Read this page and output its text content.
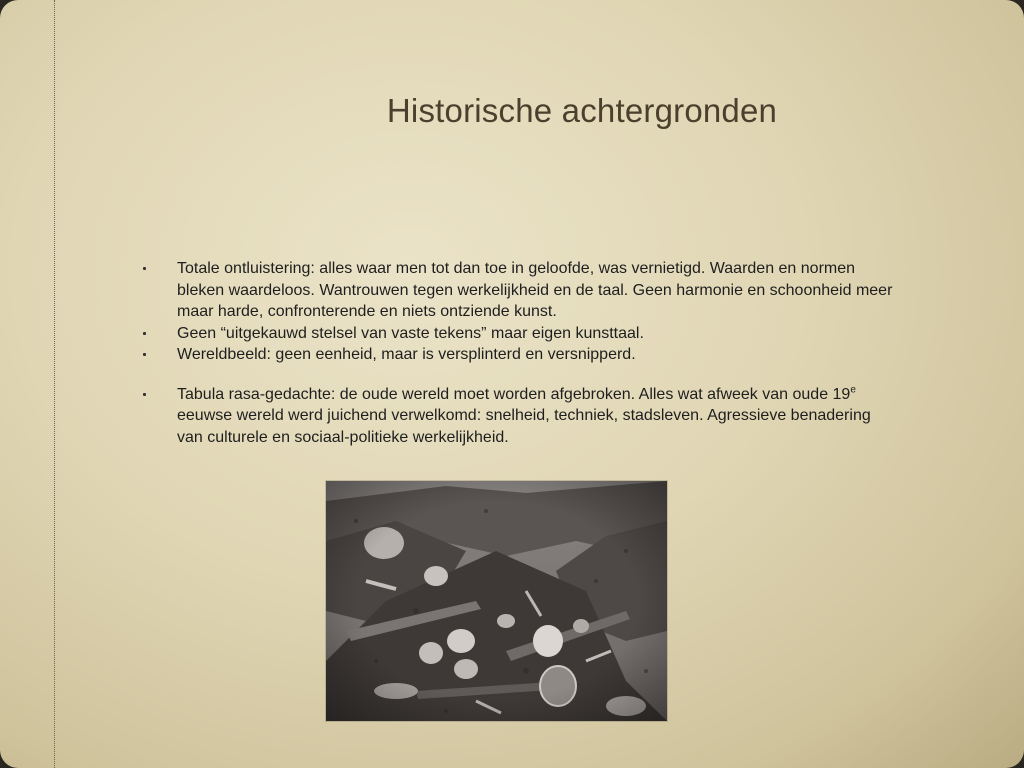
Historische achtergronden
Totale ontluistering: alles waar men tot dan toe in geloofde, was vernietigd. Waarden en normen bleken waardeloos. Wantrouwen tegen werkelijkheid en de taal. Geen harmonie en schoonheid meer maar harde, confronterende en niets ontziende kunst.
Geen “uitgekauwd stelsel van vaste tekens” maar eigen kunsttaal.
Wereldbeeld: geen eenheid, maar is versplinterd en versnipperd.
Tabula rasa-gedachte: de oude wereld moet worden afgebroken. Alles wat afweek van oude 19e eeuwse wereld werd juichend verwelkomd: snelheid, techniek, stadsleven. Agressieve benadering van culturele en sociaal-politieke werkelijkheid.
